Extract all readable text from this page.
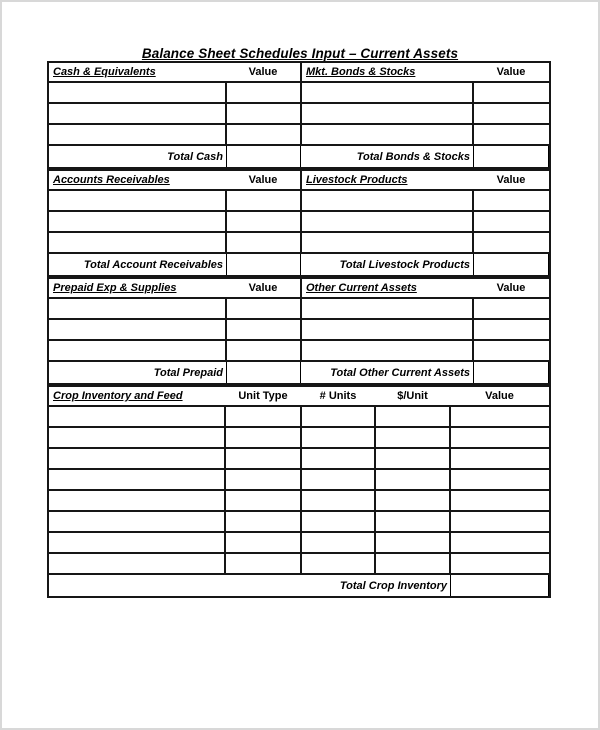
Balance Sheet Schedules Input – Current Assets
Cash & Equivalents	Value	Mkt. Bonds & Stocks	Value

Total Cash		Total Bonds & Stocks	
Accounts Receivables	Value	Livestock Products	Value

Total Account Receivables		Total Livestock Products	
Prepaid Exp & Supplies	Value	Other Current Assets	Value

Total Prepaid		Total Other Current Assets	
Crop Inventory and Feed	Unit Type	# Units	$/Unit	Value

Total Crop Inventory				
